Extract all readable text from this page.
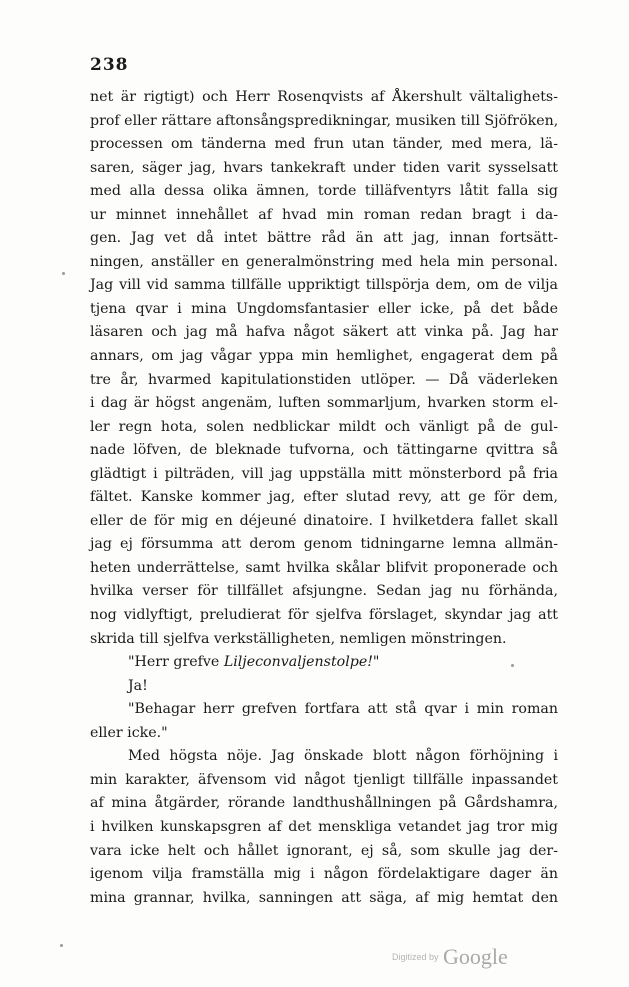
238
net är rigtigt) och Herr Rosenqvists af Åkershult vältalighets-
prof eller rättare aftonsångspredikningar, musiken till Sjöfröken,
processen om tänderna med frun utan tänder, med mera, lä-
saren, säger jag, hvars tankekraft under tiden varit sysselsatt
med alla dessa olika ämnen, torde tilläfventyrs låtit falla sig
ur minnet innehållet af hvad min roman redan bragt i da-
gen. Jag vet då intet bättre råd än att jag, innan fortsätt-
ningen, anställer en generalmönstring med hela min personal.
Jag vill vid samma tillfälle uppriktigt tillspörja dem, om de vilja
tjena qvar i mina Ungdomsfantasier eller icke, på det både
läsaren och jag må hafva något säkert att vinka på. Jag har
annars, om jag vågar yppa min hemlighet, engagerat dem på
tre år, hvarmed kapitulationstiden utlöper. — Då väderleken
i dag är högst angenäm, luften sommarljum, hvarken storm el-
ler regn hota, solen nedblickar mildt och vänligt på de gul-
nade löfven, de bleknade tufvorna, och tättingarne qvittra så
glädtigt i pilträden, vill jag uppställa mitt mönsterbord på fria
fältet. Kanske kommer jag, efter slutad revy, att ge för dem,
eller de för mig en déjeuné dinatoire. I hvilketdera fallet skall
jag ej försumma att derom genom tidningarne lemna allmän-
heten underrättelse, samt hvilka skålar blifvit proponerade och
hvilka verser för tillfället afsjungne. Sedan jag nu förhända,
nog vidlyftigt, preludierat för sjelfva förslaget, skyndar jag att
skrida till sjelfva verkställigheten, nemligen mönstringen.
"Herr grefve Liljeconvaljenstolpe!"
Ja!
"Behagar herr grefven fortfara att stå qvar i min roman
eller icke."
Med högsta nöje. Jag önskade blott någon förhöjning i
min karakter, äfvensom vid något tjenligt tillfälle inpassandet
af mina åtgärder, rörande landthushållningen på Gårdshamra,
i hvilken kunskapsgren af det menskliga vetandet jag tror mig
vara icke helt och hållet ignorant, ej så, som skulle jag der-
igenom vilja framställa mig i någon fördelaktigare dager än
mina grannar, hvilka, sanningen att säga, af mig hemtat den
Digitized by Google
